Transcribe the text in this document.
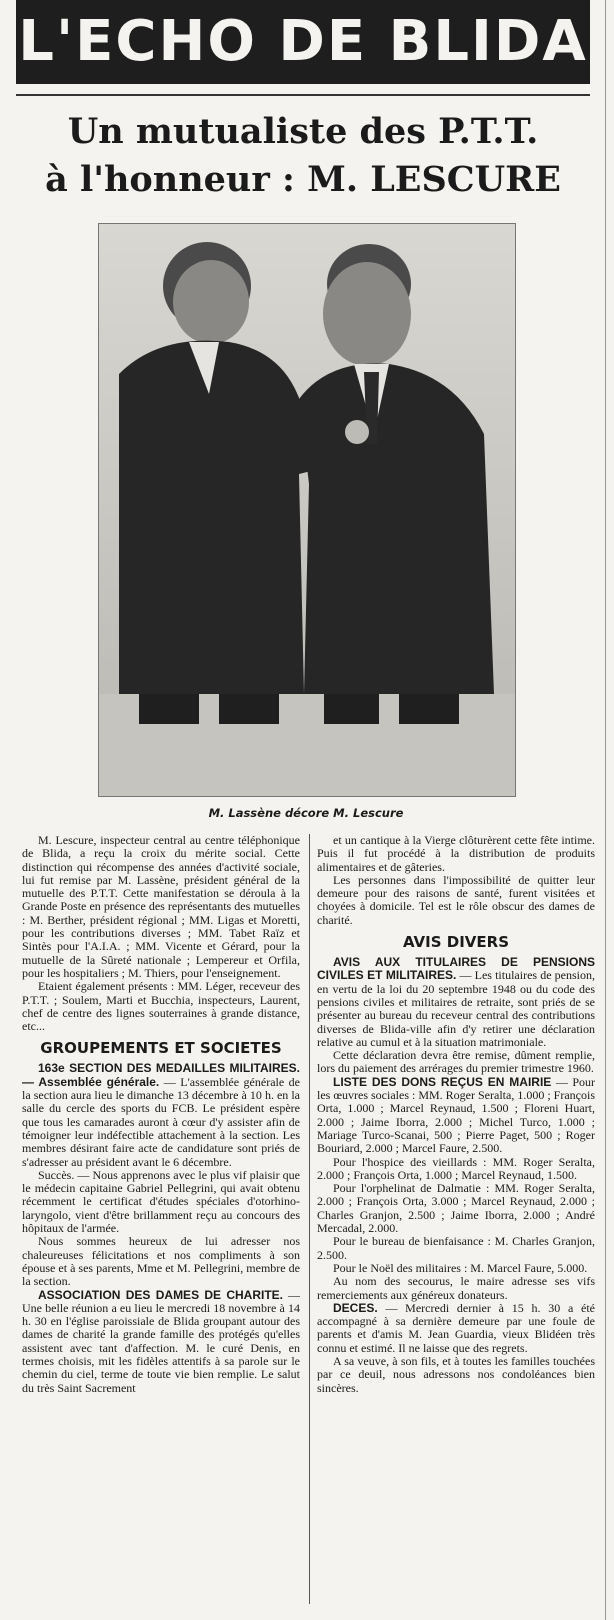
L'ECHO DE BLIDA
Un mutualiste des P.T.T.
à l'honneur : M. LESCURE
M. Lassène décore M. Lescure

M. Lescure, inspecteur central au centre téléphonique de Blida, a reçu la croix du mérite social. Cette distinction qui récompense des années d'activité sociale, lui fut remise par M. Lassène, président général de la mutuelle des P.T.T. Cette manifestation se déroula à la Grande Poste en présence des représentants des mutuelles : M. Berther, président régional ; MM. Ligas et Moretti, pour les contributions diverses ; MM. Tabet Raïz et Sintès pour l'A.I.A. ; MM. Vicente et Gérard, pour la mutuelle de la Sûreté nationale ; Lempereur et Orfila, pour les hospitaliers ; M. Thiers, pour l'enseignement.

Etaient également présents : MM. Léger, receveur des P.T.T. ; Soulem, Marti et Bucchia, inspecteurs, Laurent, chef de centre des lignes souterraines à grande distance, etc...

GROUPEMENTS ET SOCIETES

163e SECTION DES MEDAILLES MILITAIRES. — Assemblée générale. — L'assemblée générale de la section aura lieu le dimanche 13 décembre à 10 h. en la salle du cercle des sports du FCB. Le président espère que tous les camarades auront à cœur d'y assister afin de témoigner leur indéfectible attachement à la section. Les membres désirant faire acte de candidature sont priés de s'adresser au président avant le 6 décembre.

Succès. — Nous apprenons avec le plus vif plaisir que le médecin capitaine Gabriel Pellegrini, qui avait obtenu récemment le certificat d'études spéciales d'otorhino-laryngolo, vient d'être brillamment reçu au concours des hôpitaux de l'armée.

Nous sommes heureux de lui adresser nos chaleureuses félicitations et nos compliments à son épouse et à ses parents, Mme et M. Pellegrini, membre de la section.

ASSOCIATION DES DAMES DE CHARITE. — Une belle réunion a eu lieu le mercredi 18 novembre à 14 h. 30 en l'église paroissiale de Blida groupant autour des dames de charité la grande famille des protégés qu'elles assistent avec tant d'affection. M. le curé Denis, en termes choisis, mit les fidèles attentifs à sa parole sur le chemin du ciel, terme de toute vie bien remplie. Le salut du très Saint Sacrement

et un cantique à la Vierge clôturèrent cette fête intime. Puis il fut procédé à la distribution de produits alimentaires et de gâteries.

Les personnes dans l'impossibilité de quitter leur demeure pour des raisons de santé, furent visitées et choyées à domicile. Tel est le rôle obscur des dames de charité.

AVIS DIVERS

AVIS AUX TITULAIRES DE PENSIONS CIVILES ET MILITAIRES. — Les titulaires de pension, en vertu de la loi du 20 septembre 1948 ou du code des pensions civiles et militaires de retraite, sont priés de se présenter au bureau du receveur central des contributions diverses de Blida-ville afin d'y retirer une déclaration relative au cumul et à la situation matrimoniale.

Cette déclaration devra être remise, dûment remplie, lors du paiement des arrérages du premier trimestre 1960.

LISTE DES DONS REÇUS EN MAIRIE — Pour les œuvres sociales : MM. Roger Seralta, 1.000 ; François Orta, 1.000 ; Marcel Reynaud, 1.500 ; Floreni Huart, 2.000 ; Jaime Iborra, 2.000 ; Michel Turco, 1.000 ; Mariage Turco-Scanai, 500 ; Pierre Paget, 500 ; Roger Bouriard, 2.000 ; Marcel Faure, 2.500.

Pour l'hospice des vieillards : MM. Roger Seralta, 2.000 ; François Orta, 1.000 ; Marcel Reynaud, 1.500.

Pour l'orphelinat de Dalmatie : MM. Roger Seralta, 2.000 ; François Orta, 3.000 ; Marcel Reynaud, 2.000 ; Charles Granjon, 2.500 ; Jaime Iborra, 2.000 ; André Mercadal, 2.000.

Pour le bureau de bienfaisance : M. Charles Granjon, 2.500.

Pour le Noël des militaires : M. Marcel Faure, 5.000.

Au nom des secourus, le maire adresse ses vifs remerciements aux généreux donateurs.

DECES. — Mercredi dernier à 15 h. 30 a été accompagné à sa dernière demeure par une foule de parents et d'amis M. Jean Guardia, vieux Blidéen très connu et estimé. Il ne laisse que des regrets.

A sa veuve, à son fils, et à toutes les familles touchées par ce deuil, nous adressons nos condoléances bien sincères.
